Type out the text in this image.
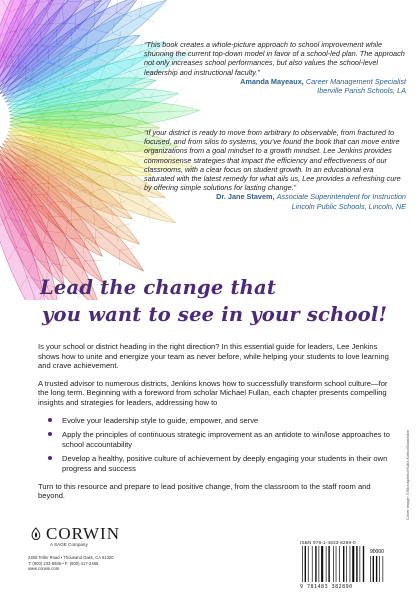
“This book creates a whole-picture approach to school improvement while shunning the current top-down model in favor of a school-led plan. The approach not only increases school performances, but also values the school-level leadership and instructional faculty.”

Amanda Mayeaux, Career Management Specialist
Iberville Parish Schools, LA

“If your district is ready to move from arbitrary to observable, from fractured to focused, and from silos to systems, you’ve found the book that can move entire organizations from a goal mindset to a growth mindset. Lee Jenkins provides commonsense strategies that impact the efficiency and effectiveness of our classrooms, with a clear focus on student growth. In an educational era saturated with the latest remedy for what ails us, Lee provides a refreshing cure by offering simple solutions for lasting change.”

Dr. Jane Stavem, Associate Superintendent for Instruction
Lincoln Public Schools, Lincoln, NE
Lead the change that
you want to see in your school!

Is your school or district heading in the right direction? In this essential guide for leaders, Lee Jenkins shows how to unite and energize your team as never before, while helping your students to love learning and crave achievement.

A trusted advisor to numerous districts, Jenkins knows how to successfully transform school culture—for the long term. Beginning with a foreword from scholar Michael Fullan, each chapter presents compelling insights and strategies for leaders, addressing how to

Evolve your leadership style to guide, empower, and serve
Apply the principles of continuous strategic improvement as an antidote to win/lose approaches to school accountability
Develop a healthy, positive culture of achievement by deeply engaging your students in their own progress and success

Turn to this resource and prepare to lead positive change, from the classroom to the staff room and beyond.

CORWIN
A SAGE Company
2455 Teller Road • Thousand Oaks, CA 91320
T: (800) 233-9936 • F: (800) 417-2466
www.corwin.com
ISBN 978-1-4833-8289-0
90000
9 781483 382890
Cover image: ©iStockphoto/Yuliia Kotko/Illustration
